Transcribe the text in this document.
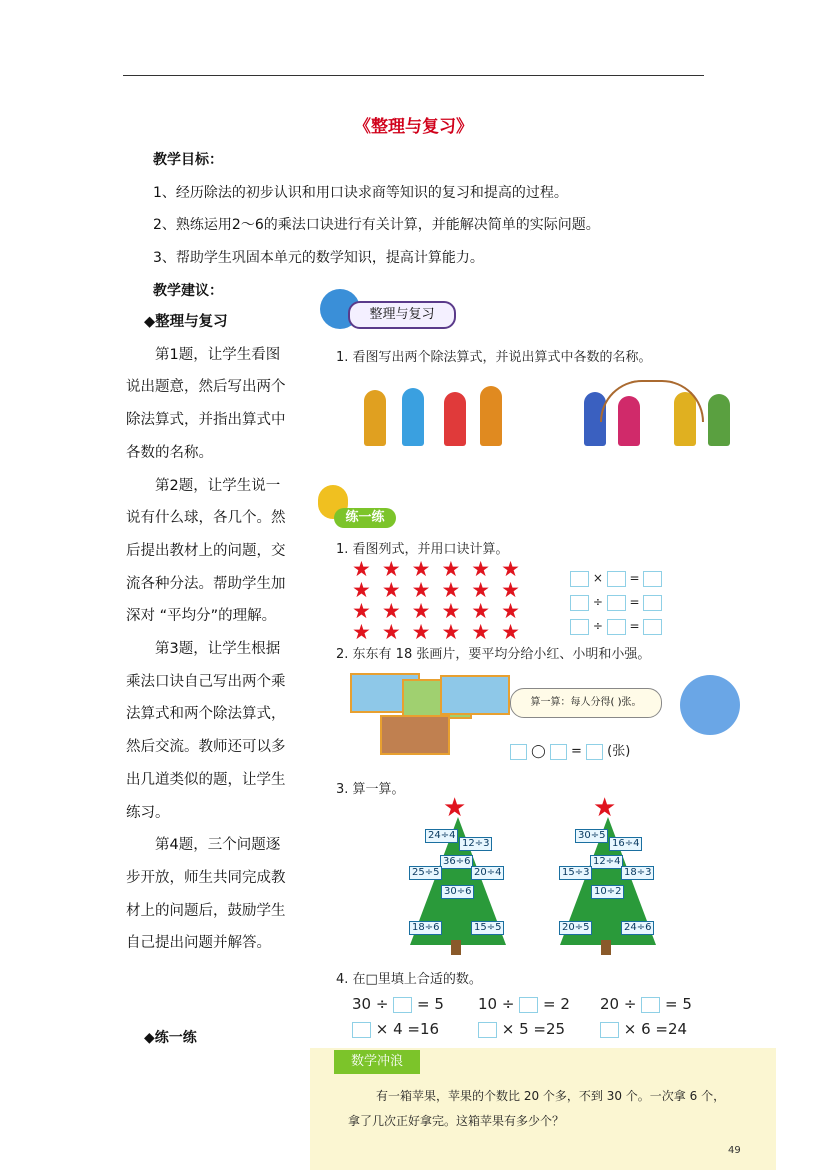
《整理与复习》
教学目标：
1、经历除法的初步认识和用口诀求商等知识的复习和提高的过程。
2、熟练运用2～6的乘法口诀进行有关计算，并能解决简单的实际问题。
3、帮助学生巩固本单元的数学知识，提高计算能力。
教学建议：

◆整理与复习

第1题，让学生看图说出题意，然后写出两个除法算式，并指出算式中各数的名称。

第2题，让学生说一说有什么球，各几个。然后提出教材上的问题，交流各种分法。帮助学生加深对 “平均分”的理解。

第3题，让学生根据乘法口诀自己写出两个乘法算式和两个除法算式，然后交流。教师还可以多出几道类似的题，让学生练习。

第4题，三个问题逐步开放，师生共同完成教材上的问题后，鼓励学生自己提出问题并解答。

◆练一练
整理与复习
1. 看图写出两个除法算式，并说出算式中各数的名称。
练一练
1. 看图列式，并用口诀计算。
★★★★★★
★★★★★★
★★★★★★
★★★★★★
× =
÷ =
÷ =
2. 东东有 18 张画片，要平均分给小红、小明和小强。
算一算：每人分得( )张。
◯  = (张)
3. 算一算。
★
24÷4
12÷3
36÷6
25÷5	20÷4
30÷6
18÷6	15÷5
★
30÷5
16÷4
12÷4
15÷3	18÷3
10÷2
20÷5	24÷6
4. 在□里填上合适的数。
30 ÷ = 5 10 ÷ = 2 20 ÷ = 5
× 4 =16	× 5 =25	× 6 =24
数学冲浪
有一箱苹果，苹果的个数比 20 个多，不到 30 个。一次拿 6 个，
拿了几次正好拿完。这箱苹果有多少个？
49
